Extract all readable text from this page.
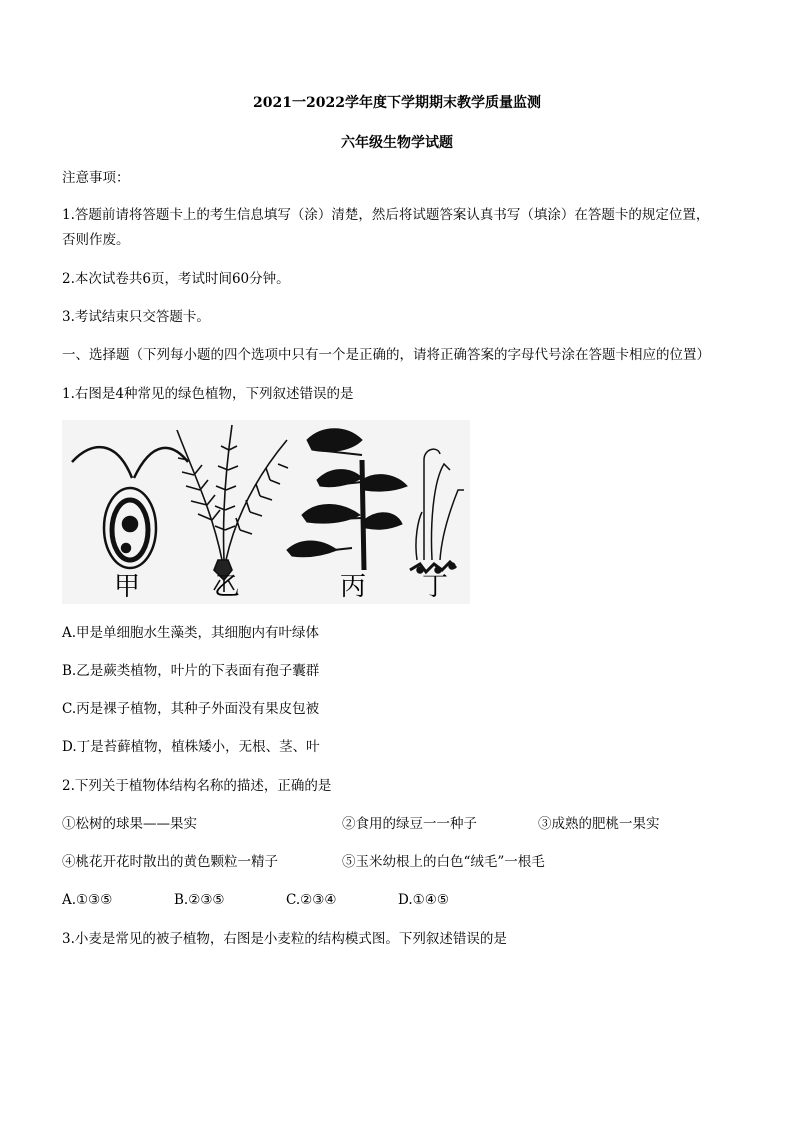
2021一2022学年度下学期期末教学质量监测
六年级生物学试题
注意事项：
1.答题前请将答题卡上的考生信息填写（涂）清楚，然后将试题答案认真书写（填涂）在答题卡的规定位置，
否则作废。
2.本次试卷共6页，考试时间60分钟。
3.考试结束只交答题卡。
一、选择题（下列每小题的四个选项中只有一个是正确的，请将正确答案的字母代号涂在答题卡相应的位置）
1.右图是4种常见的绿色植物，下列叙述错误的是
甲	乙	丙 丁
A.甲是单细胞水生藻类，其细胞内有叶绿体
B.乙是蕨类植物，叶片的下表面有孢子囊群
C.丙是裸子植物，其种子外面没有果皮包被
D.丁是苔藓植物，植株矮小，无根、茎、叶
2.下列关于植物体结构名称的描述，正确的是
①松树的球果——果实	②食用的绿豆一一种子	③成熟的肥桃一果实
④桃花开花时散出的黄色颗粒一精子	⑤玉米幼根上的白色“绒毛”一根毛
A.①③⑤	B.②③⑤	C.②③④	D.①④⑤
3.小麦是常见的被子植物，右图是小麦粒的结构模式图。下列叙述错误的是
